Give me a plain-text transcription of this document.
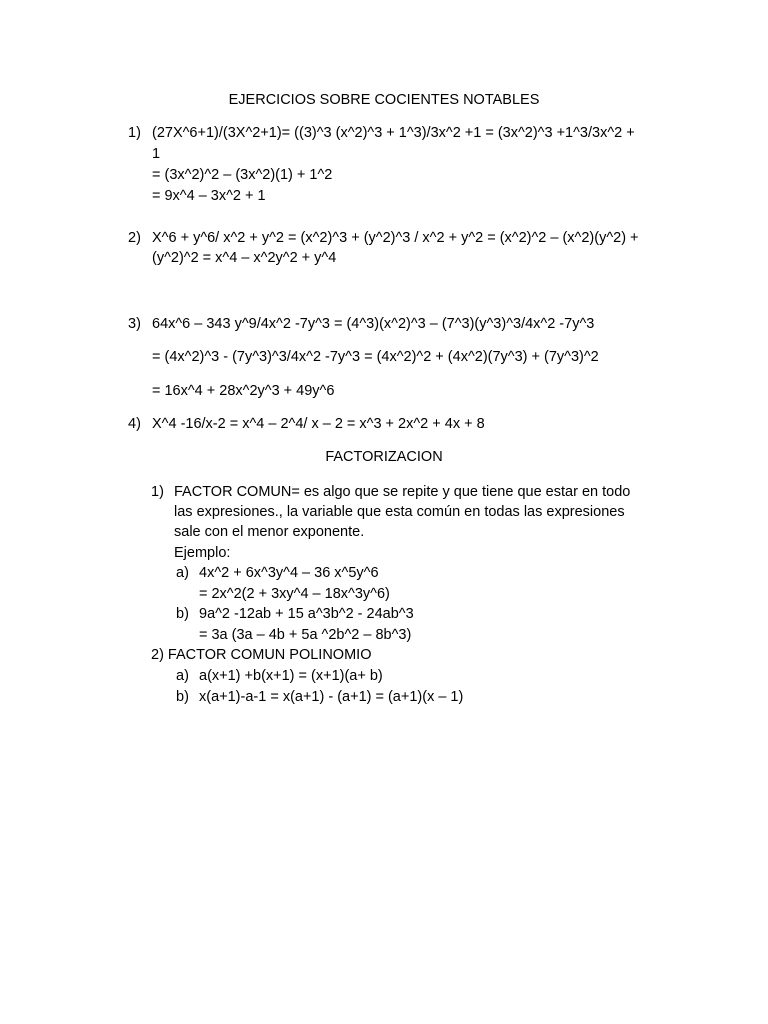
EJERCICIOS SOBRE COCIENTES NOTABLES
1) (27X^6+1)/(3X^2+1)= ((3)^3 (x^2)^3 + 1^3)/3x^2 +1 = (3x^2)^3 +1^3/3x^2 +
1
= (3x^2)^2 – (3x^2)(1) + 1^2
= 9x^4 – 3x^2 + 1
2) X^6 + y^6/ x^2 + y^2 = (x^2)^3 + (y^2)^3 / x^2 + y^2 = (x^2)^2 – (x^2)(y^2) +
(y^2)^2 = x^4 – x^2y^2 + y^4
3) 64x^6 – 343 y^9/4x^2 -7y^3 = (4^3)(x^2)^3 – (7^3)(y^3)^3/4x^2 -7y^3
= (4x^2)^3 - (7y^3)^3/4x^2 -7y^3 = (4x^2)^2 + (4x^2)(7y^3) + (7y^3)^2
= 16x^4 + 28x^2y^3 + 49y^6
4) X^4 -16/x-2 = x^4 – 2^4/ x – 2 = x^3 + 2x^2 + 4x + 8
FACTORIZACION
1) FACTOR COMUN= es algo que se repite y que tiene que estar en todo
las expresiones., la variable que esta común en todas las expresiones
sale con el menor exponente.
Ejemplo:
a) 4x^2 + 6x^3y^4 – 36 x^5y^6
= 2x^2(2 + 3xy^4 – 18x^3y^6)
b) 9a^2 -12ab + 15 a^3b^2 - 24ab^3
= 3a (3a – 4b + 5a ^2b^2 – 8b^3)
2) FACTOR COMUN POLINOMIO
a) a(x+1) +b(x+1) = (x+1)(a+ b)
b) x(a+1)-a-1 = x(a+1) - (a+1) = (a+1)(x – 1)
